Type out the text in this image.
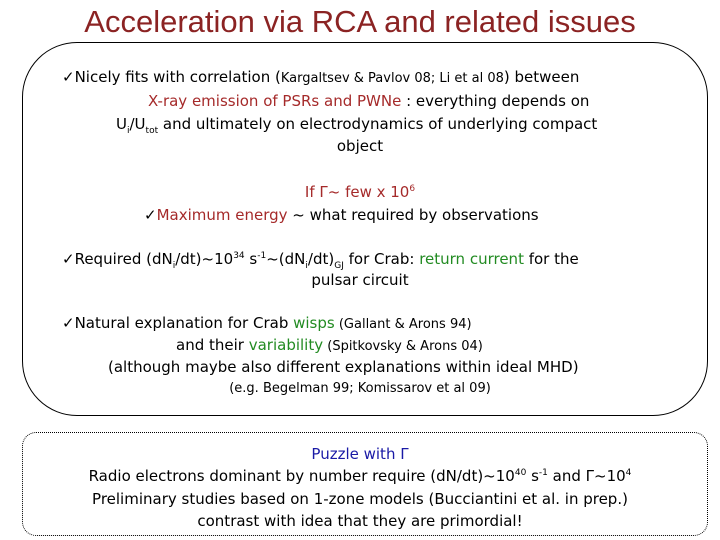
Acceleration via RCA and related issues
✓Nicely fits with correlation (Kargaltsev & Pavlov 08; Li et al 08) between
X-ray emission of PSRs and PWNe : everything depends on
$U_i/U_{tot}$ and ultimately on electrodynamics of underlying compact
object
If Γ~ few x $10^6$
✓Maximum energy ~ what required by observations
✓Required $(dN_i/dt)\sim 10^{34}$ $s^{-1}\sim(dN_i/dt)_{GJ}$ for Crab: return current for the
pulsar circuit
✓Natural explanation for Crab wisps (Gallant & Arons 94)
and their variability (Spitkovsky & Arons 04)
(although maybe also different explanations within ideal MHD)
(e.g. Begelman 99; Komissarov et al 09)
Puzzle with Γ
Radio electrons dominant by number require $(dN/dt)\sim 10^{40}$ $s^{-1}$ and $\Gamma\sim 10^4$
Preliminary studies based on 1-zone models (Bucciantini et al. in prep.)
contrast with idea that they are primordial!
